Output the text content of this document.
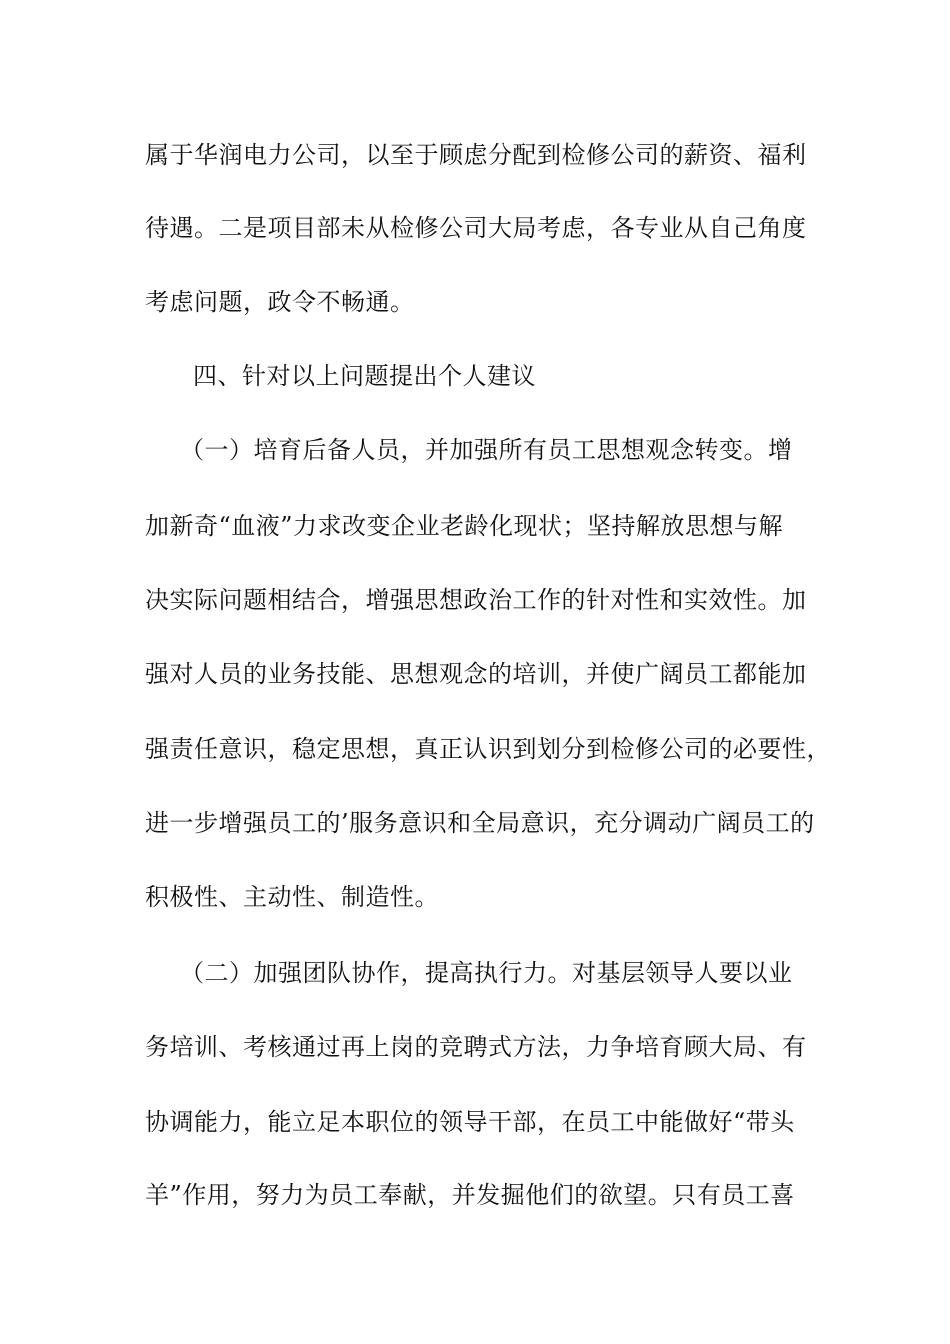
属于华润电力公司，以至于顾虑分配到检修公司的薪资、福利
待遇。二是项目部未从检修公司大局考虑，各专业从自己角度
考虑问题，政令不畅通。
四、针对以上问题提出个人建议
（一）培育后备人员，并加强所有员工思想观念转变。增
加新奇“血液”力求改变企业老龄化现状；坚持解放思想与解
决实际问题相结合，增强思想政治工作的针对性和实效性。加
强对人员的业务技能、思想观念的培训，并使广阔员工都能加
强责任意识，稳定思想，真正认识到划分到检修公司的必要性，
进一步增强员工的’服务意识和全局意识，充分调动广阔员工的
积极性、主动性、制造性。
（二）加强团队协作，提高执行力。对基层领导人要以业
务培训、考核通过再上岗的竞聘式方法，力争培育顾大局、有
协调能力，能立足本职位的领导干部，在员工中能做好“带头
羊”作用，努力为员工奉献，并发掘他们的欲望。只有员工喜
